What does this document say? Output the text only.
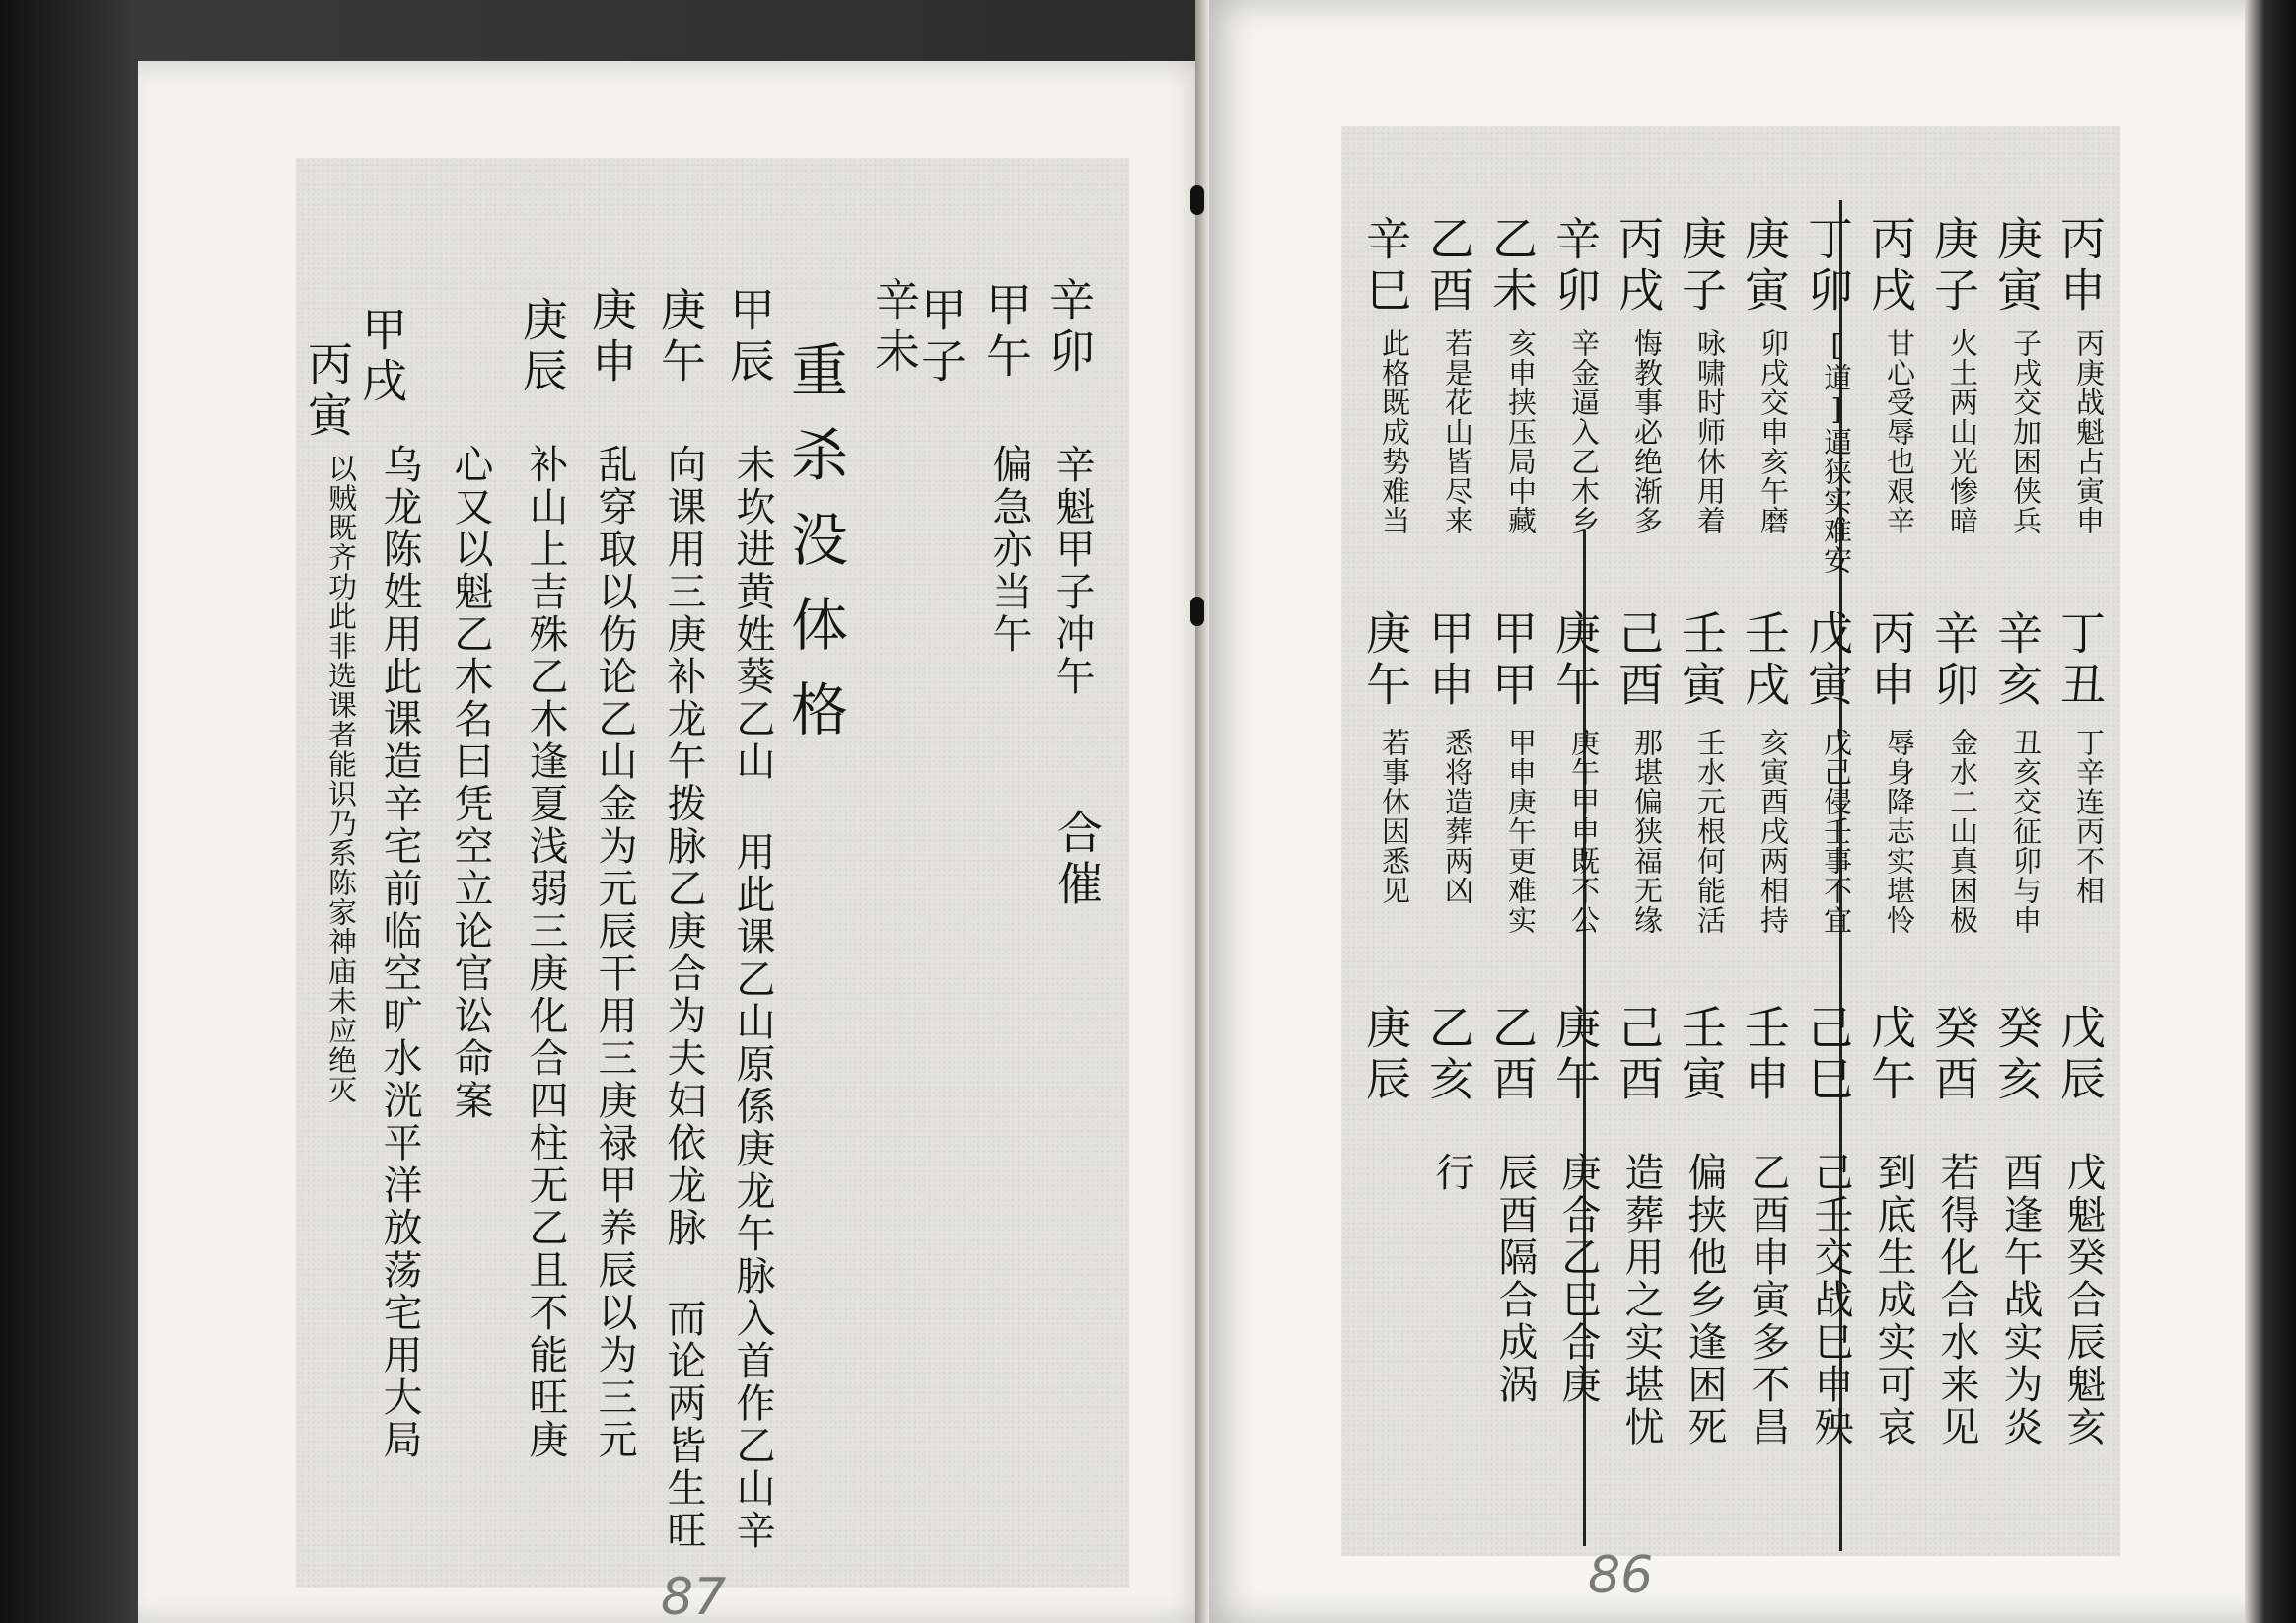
辛卯
辛魁甲子冲午
合催
甲午
偏急亦当午
甲子
辛未
重杀没体格
甲辰
未坎进黄姓葵乙山 用此课乙山原係庚龙午脉入首作乙山辛
庚午
向课用三庚补龙午拨脉乙庚合为夫妇依龙脉 而论两皆生旺
庚申
乱穿取以伤论乙山金为元辰干用三庚禄甲养辰以为三元
庚辰
补山上吉殊乙木逢夏浅弱三庚化合四柱无乙且不能旺庚
心又以魁乙木名曰凭空立论官讼命案
甲戌
乌龙陈姓用此课造辛宅前临空旷水洸平洋放荡宅用大局
丙寅
以贼既齐功此非选课者能识乃系陈家神庙未应绝灭
87
丙申
丙庚战魁占寅申
丁丑
丁辛连丙不相
戊辰
戊魁癸合辰魁亥
庚寅
子戌交加困侠兵
辛亥
丑亥交征卯与申
癸亥
酉逢午战实为炎
庚子
火土两山光惨暗
辛卯
金水二山真困极
癸酉
若得化合水来见
丙戌
甘心受辱也艰辛
丙申
辱身降志实堪怜
戊午
到底生成实可哀
丁卯
[道]逼狭实难安
戊寅
戊己侵壬事不宜
己巳
己壬交战巳申殃
庚寅
卯戌交申亥午磨
壬戌
亥寅酉戌两相持
壬申
乙酉申寅多不昌
庚子
咏啸时师休用着
壬寅
壬水元根何能活
壬寅
偏挟他乡逢困死
丙戌
悔教事必绝渐多
己酉
那堪偏狭福无缘
己酉
造葬用之实堪忧
辛卯
辛金逼入乙木乡
庚午
庚午甲申既不公
庚午
庚合乙巳合庚
乙未
亥申挟压局中藏
甲甲
甲申庚午更难实
乙酉
辰酉隔合成涡
乙酉
若是花山皆尽来
甲申
悉将造葬两凶
乙亥
行
辛巳
此格既成势难当
庚午
若事休因悉见
庚辰
86
